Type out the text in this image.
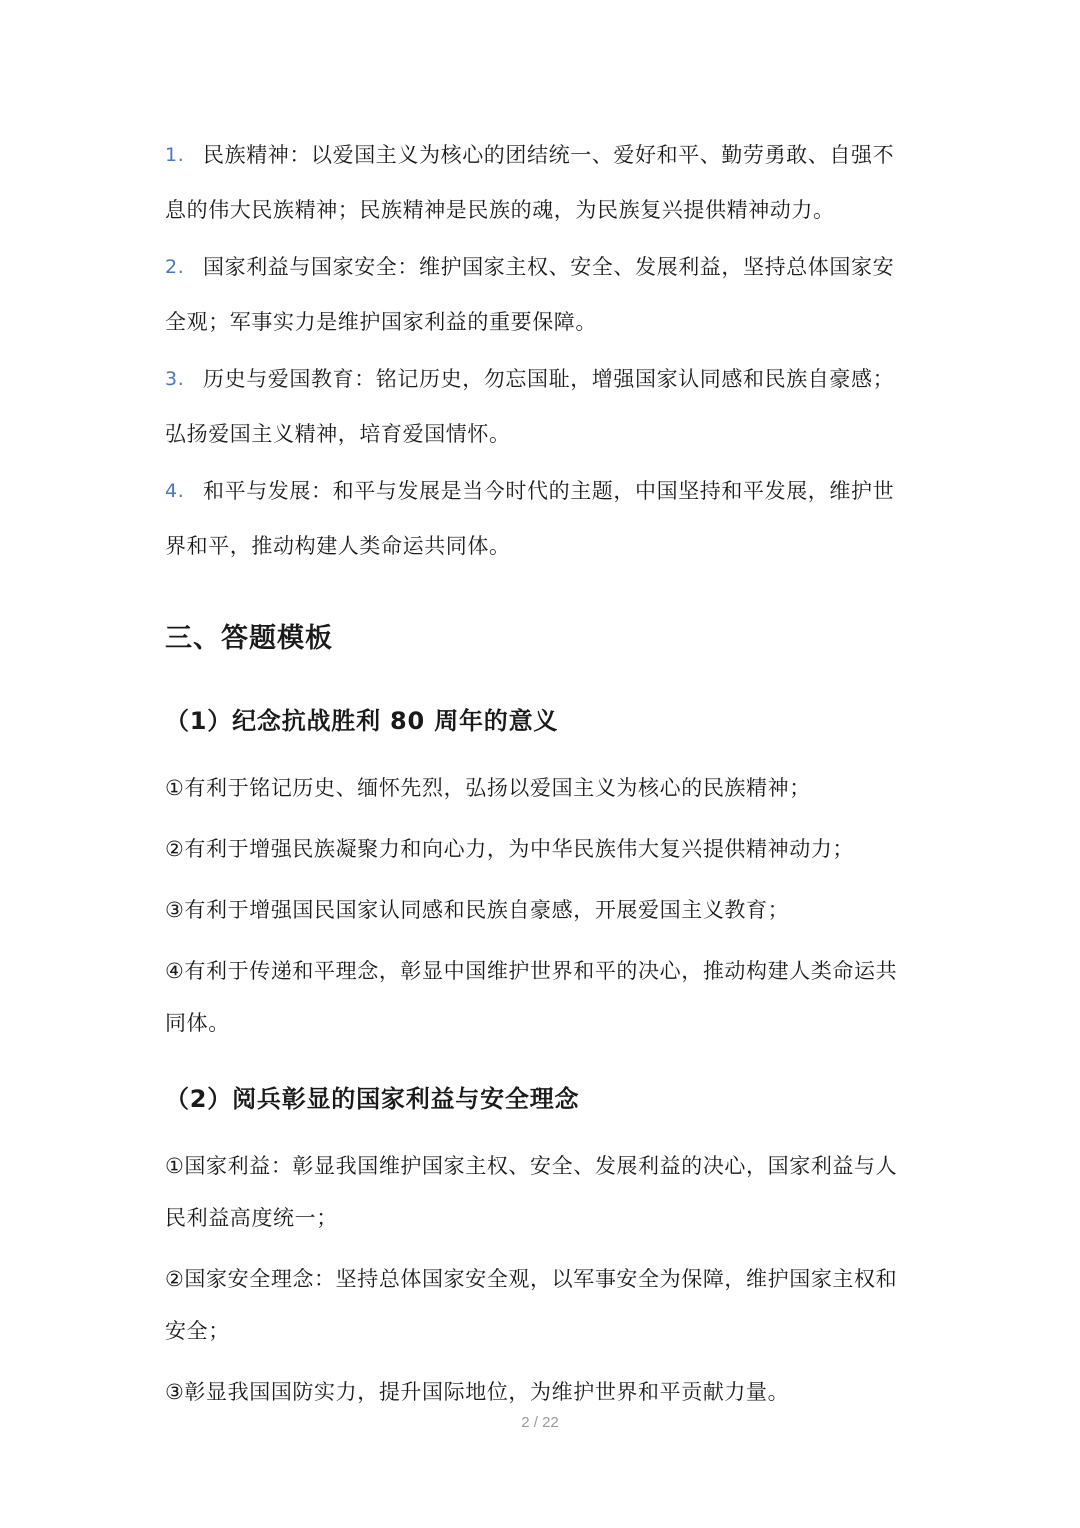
1. 民族精神：以爱国主义为核心的团结统一、爱好和平、勤劳勇敢、自强不息的伟大民族精神；民族精神是民族的魂，为民族复兴提供精神动力。
2. 国家利益与国家安全：维护国家主权、安全、发展利益，坚持总体国家安全观；军事实力是维护国家利益的重要保障。
3. 历史与爱国教育：铭记历史，勿忘国耻，增强国家认同感和民族自豪感；弘扬爱国主义精神，培育爱国情怀。
4. 和平与发展：和平与发展是当今时代的主题，中国坚持和平发展，维护世界和平，推动构建人类命运共同体。
三、答题模板
（1）纪念抗战胜利 80 周年的意义
①有利于铭记历史、缅怀先烈，弘扬以爱国主义为核心的民族精神；
②有利于增强民族凝聚力和向心力，为中华民族伟大复兴提供精神动力；
③有利于增强国民国家认同感和民族自豪感，开展爱国主义教育；
④有利于传递和平理念，彰显中国维护世界和平的决心，推动构建人类命运共同体。
（2）阅兵彰显的国家利益与安全理念
①国家利益：彰显我国维护国家主权、安全、发展利益的决心，国家利益与人民利益高度统一；
②国家安全理念：坚持总体国家安全观，以军事安全为保障，维护国家主权和安全；
③彰显我国国防实力，提升国际地位，为维护世界和平贡献力量。
2 / 22
